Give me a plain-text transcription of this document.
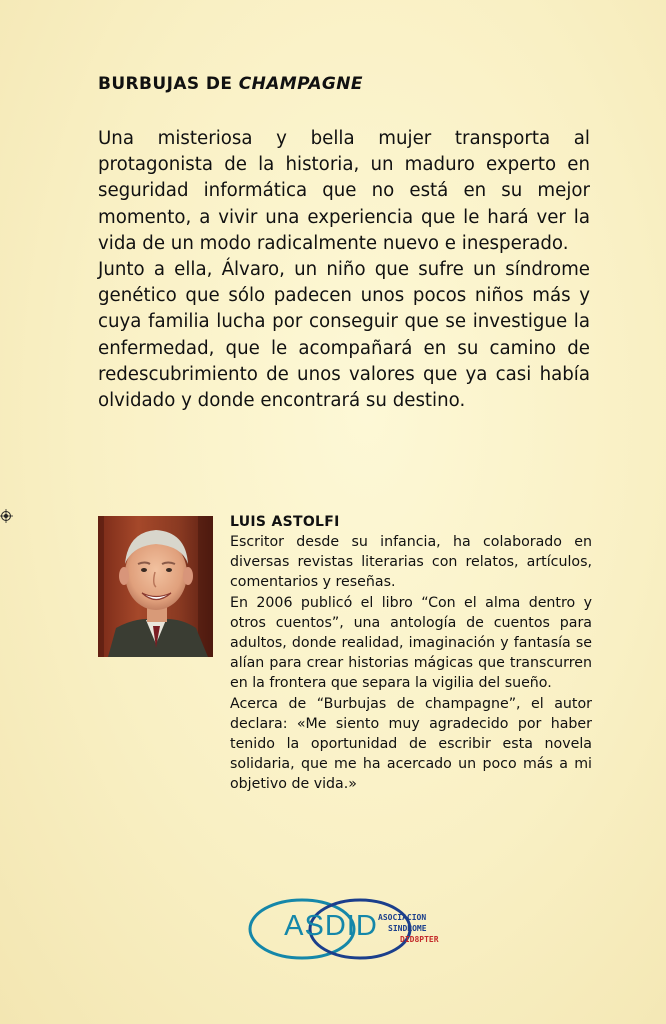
BURBUJAS DE CHAMPAGNE

Una misteriosa y bella mujer transporta al protagonista de la historia, un maduro experto en seguridad informática que no está en su mejor momento, a vivir una experiencia que le hará ver la vida de un modo radicalmente nuevo e inesperado.

Junto a ella, Álvaro, un niño que sufre un síndrome genético que sólo padecen unos pocos niños más y cuya familia lucha por conseguir que se investigue la enfermedad, que le acompañará en su camino de redescubrimiento de unos valores que ya casi había olvidado y donde encontrará su destino.

LUIS ASTOLFI

Escritor desde su infancia, ha colaborado en diversas revistas literarias con relatos, artículos, comentarios y reseñas.

En 2006 publicó el libro “Con el alma dentro y otros cuentos”, una antología de cuentos para adultos, donde realidad, imaginación y fantasía se alían para crear historias mágicas que transcurren en la frontera que separa la vigilia del sueño.

Acerca de “Burbujas de champagne”, el autor declara: «Me siento muy agradecido por haber tenido la oportunidad de escribir esta novela solidaria, que me ha acercado un poco más a mi objetivo de vida.»

ASDID ASOCIACION
SINDROME
DID8PTER
